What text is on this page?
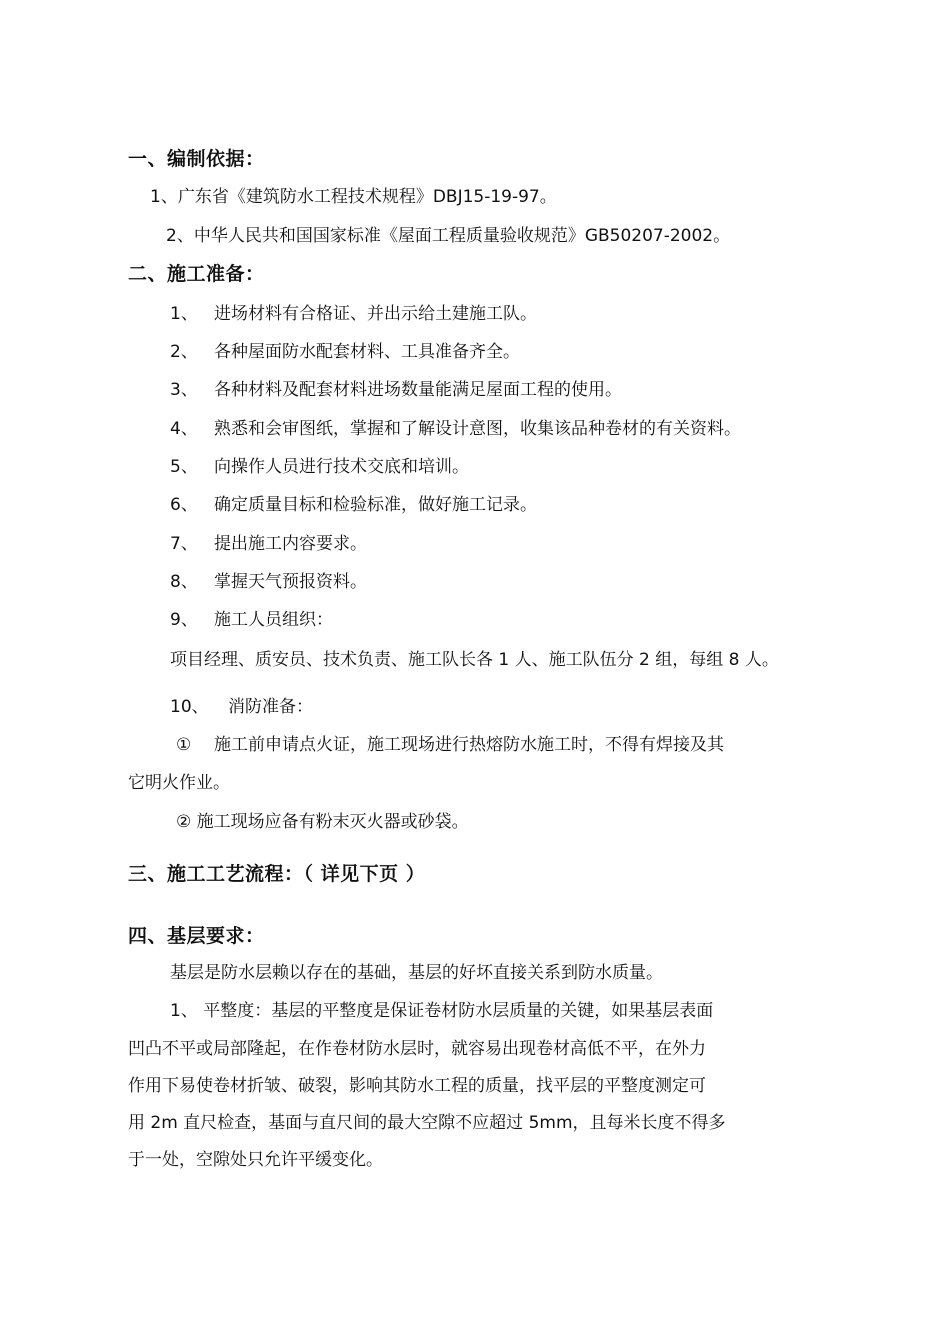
一、编制依据：
1、广东省《建筑防水工程技术规程》DBJ15-19-97。
2、中华人民共和国国家标准《屋面工程质量验收规范》GB50207-2002。
二、施工准备：
1、 进场材料有合格证、并出示给土建施工队。
2、 各种屋面防水配套材料、工具准备齐全。
3、 各种材料及配套材料进场数量能满足屋面工程的使用。
4、 熟悉和会审图纸，掌握和了解设计意图，收集该品种卷材的有关资料。
5、 向操作人员进行技术交底和培训。
6、 确定质量目标和检验标准，做好施工记录。
7、 提出施工内容要求。
8、 掌握天气预报资料。
9、 施工人员组织：
项目经理、质安员、技术负责、施工队长各 1 人、施工队伍分 2 组，每组 8 人。
10、 消防准备：
① 施工前申请点火证，施工现场进行热熔防水施工时，不得有焊接及其
它明火作业。
② 施工现场应备有粉末灭火器或砂袋。
三、施工工艺流程：（ 详见下页 ）
四、基层要求：
基层是防水层赖以存在的基础，基层的好坏直接关系到防水质量。
1、 平整度：基层的平整度是保证卷材防水层质量的关键，如果基层表面
凹凸不平或局部隆起，在作卷材防水层时，就容易出现卷材高低不平，在外力
作用下易使卷材折皱、破裂，影响其防水工程的质量，找平层的平整度测定可
用 2m 直尺检查，基面与直尺间的最大空隙不应超过 5mm，且每米长度不得多
于一处，空隙处只允许平缓变化。
